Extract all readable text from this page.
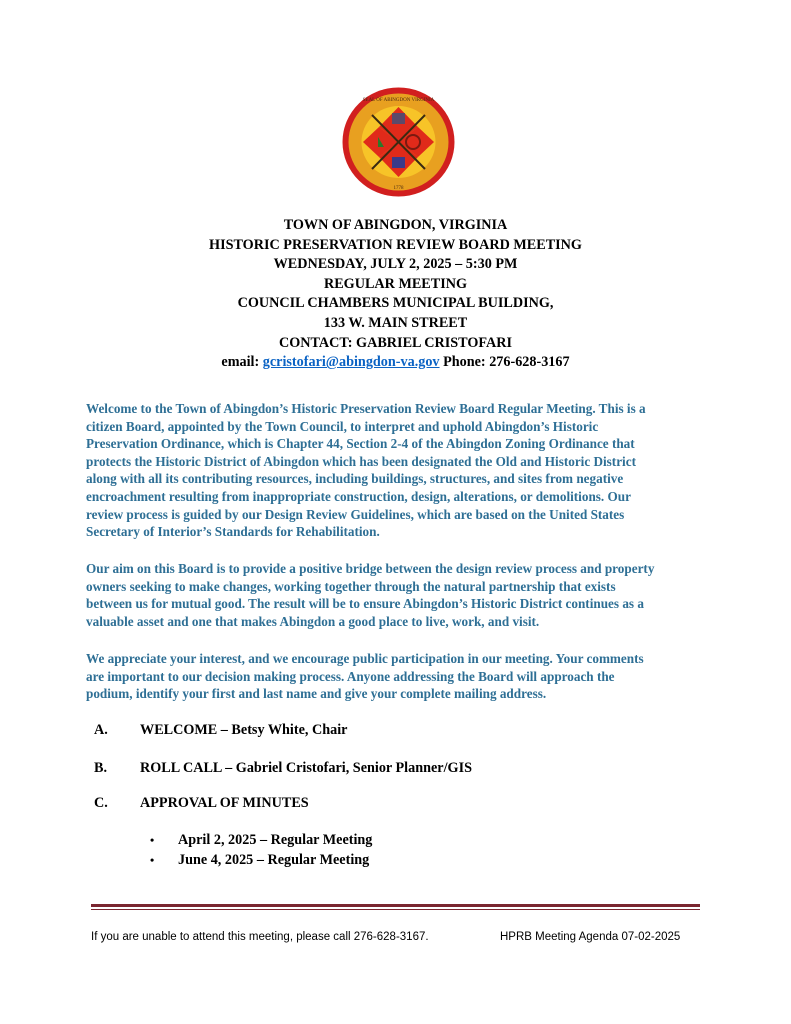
SEAL OF ABINGDON VIRGINIA
1778
TOWN OF ABINGDON, VIRGINIA
HISTORIC PRESERVATION REVIEW BOARD MEETING
WEDNESDAY, JULY 2, 2025 – 5:30 PM
REGULAR MEETING
COUNCIL CHAMBERS MUNICIPAL BUILDING,
133 W. MAIN STREET
CONTACT: GABRIEL CRISTOFARI
email: gcristofari@abingdon-va.gov Phone: 276-628-3167
Welcome to the Town of Abingdon’s Historic Preservation Review Board Regular Meeting. This is a
citizen Board, appointed by the Town Council, to interpret and uphold Abingdon’s Historic
Preservation Ordinance, which is Chapter 44, Section 2-4 of the Abingdon Zoning Ordinance that
protects the Historic District of Abingdon which has been designated the Old and Historic District
along with all its contributing resources, including buildings, structures, and sites from negative
encroachment resulting from inappropriate construction, design, alterations, or demolitions. Our
review process is guided by our Design Review Guidelines, which are based on the United States
Secretary of Interior’s Standards for Rehabilitation.
Our aim on this Board is to provide a positive bridge between the design review process and property
owners seeking to make changes, working together through the natural partnership that exists
between us for mutual good. The result will be to ensure Abingdon’s Historic District continues as a
valuable asset and one that makes Abingdon a good place to live, work, and visit.
We appreciate your interest, and we encourage public participation in our meeting. Your comments
are important to our decision making process. Anyone addressing the Board will approach the
podium, identify your first and last name and give your complete mailing address.
A. WELCOME – Betsy White, Chair
B. ROLL CALL – Gabriel Cristofari, Senior Planner/GIS
C. APPROVAL OF MINUTES
• April 2, 2025 – Regular Meeting
• June 4, 2025 – Regular Meeting
If you are unable to attend this meeting, please call 276-628-3167.	HPRB Meeting Agenda 07-02-2025
